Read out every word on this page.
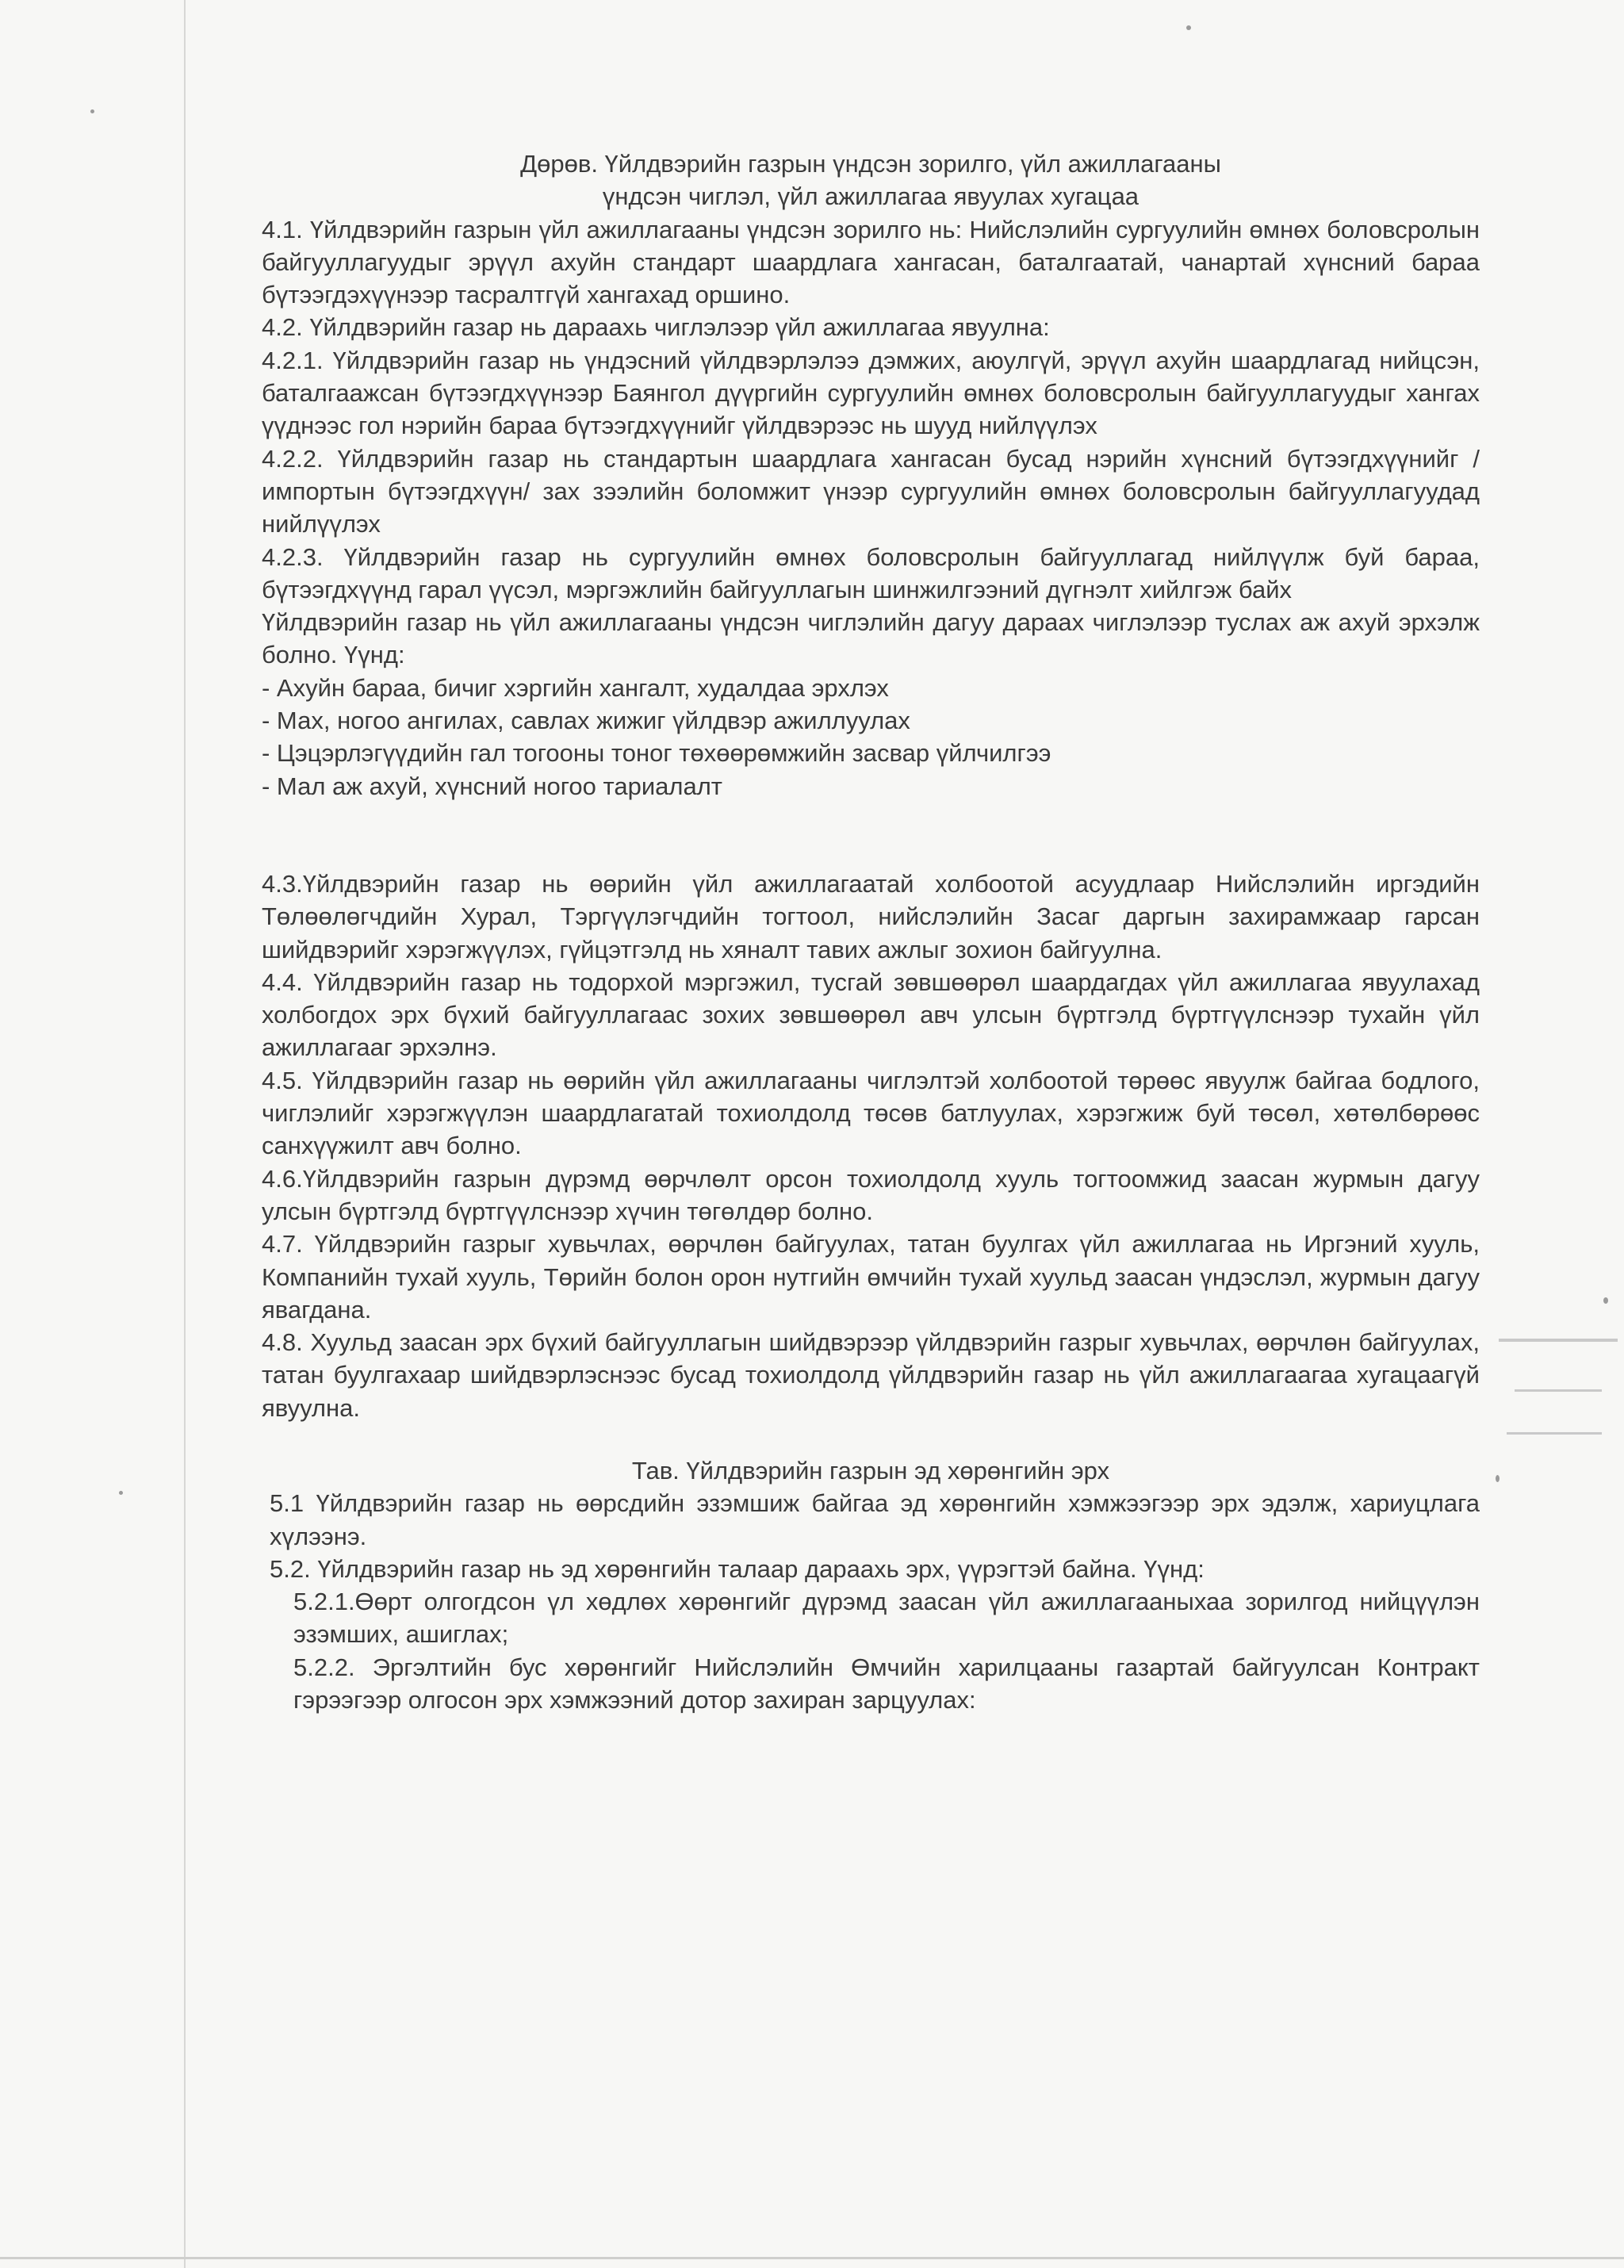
Дөрөв. Үйлдвэрийн газрын үндсэн зорилго, үйл ажиллагааны

үндсэн чиглэл, үйл ажиллагаа явуулах хугацаа

4.1. Үйлдвэрийн газрын үйл ажиллагааны үндсэн зорилго нь: Нийслэлийн сургуулийн өмнөх боловсролын байгууллагуудыг эрүүл ахуйн стандарт шаардлага хангасан, баталгаатай, чанартай хүнсний бараа бүтээгдэхүүнээр тасралтгүй хангахад оршино.

4.2. Үйлдвэрийн газар нь дараахь чиглэлээр үйл ажиллагаа явуулна:

4.2.1. Үйлдвэрийн газар нь үндэсний үйлдвэрлэлээ дэмжих, аюулгүй, эрүүл ахуйн шаардлагад нийцсэн, баталгаажсан бүтээгдхүүнээр Баянгол дүүргийн сургуулийн өмнөх боловсролын байгууллагуудыг хангах үүднээс гол нэрийн бараа бүтээгдхүүнийг үйлдвэрээс нь шууд нийлүүлэх

4.2.2. Үйлдвэрийн газар нь стандартын шаардлага хангасан бусад нэрийн хүнсний бүтээгдхүүнийг /импортын бүтээгдхүүн/ зах зээлийн боломжит үнээр сургуулийн өмнөх боловсролын байгууллагуудад нийлүүлэх

4.2.3. Үйлдвэрийн газар нь сургуулийн өмнөх боловсролын байгууллагад нийлүүлж буй бараа, бүтээгдхүүнд гарал үүсэл, мэргэжлийн байгууллагын шинжилгээний дүгнэлт хийлгэж байх

Үйлдвэрийн газар нь үйл ажиллагааны үндсэн чиглэлийн дагуу дараах чиглэлээр туслах аж ахуй эрхэлж болно. Үүнд:

- Ахуйн бараа, бичиг хэргийн хангалт, худалдаа эрхлэх

- Мах, ногоо ангилах, савлах жижиг үйлдвэр ажиллуулах

- Цэцэрлэгүүдийн гал тогооны тоног төхөөрөмжийн засвар үйлчилгээ

- Мал аж ахуй, хүнсний ногоо тариалалт

4.3.Үйлдвэрийн газар нь өөрийн үйл ажиллагаатай холбоотой асуудлаар Нийслэлийн иргэдийн Төлөөлөгчдийн Хурал, Тэргүүлэгчдийн тогтоол, нийслэлийн Засаг даргын захирамжаар гарсан шийдвэрийг хэрэгжүүлэх, гүйцэтгэлд нь хяналт тавих ажлыг зохион байгуулна.

4.4. Үйлдвэрийн газар нь тодорхой мэргэжил, тусгай зөвшөөрөл шаардагдах үйл ажиллагаа явуулахад холбогдох эрх бүхий байгууллагаас зохих зөвшөөрөл авч улсын бүртгэлд бүртгүүлснээр тухайн үйл ажиллагааг эрхэлнэ.

4.5. Үйлдвэрийн газар нь өөрийн үйл ажиллагааны чиглэлтэй холбоотой төрөөс явуулж байгаа бодлого, чиглэлийг хэрэгжүүлэн шаардлагатай тохиолдолд төсөв батлуулах, хэрэгжиж буй төсөл, хөтөлбөрөөс санхүүжилт авч болно.

4.6.Үйлдвэрийн газрын дүрэмд өөрчлөлт орсон тохиолдолд хууль тогтоомжид заасан журмын дагуу улсын бүртгэлд бүртгүүлснээр хүчин төгөлдөр болно.

4.7. Үйлдвэрийн газрыг хувьчлах, өөрчлөн байгуулах, татан буулгах үйл ажиллагаа нь Иргэний хууль, Компанийн тухай хууль, Төрийн болон орон нутгийн өмчийн тухай хуульд заасан үндэслэл, журмын дагуу явагдана.

4.8. Хуульд заасан эрх бүхий байгууллагын шийдвэрээр үйлдвэрийн газрыг хувьчлах, өөрчлөн байгуулах, татан буулгахаар шийдвэрлэснээс бусад тохиолдолд үйлдвэрийн газар нь үйл ажиллагаагаа хугацаагүй явуулна.

Тав. Үйлдвэрийн газрын эд хөрөнгийн эрх

5.1 Үйлдвэрийн газар нь өөрсдийн эзэмшиж байгаа эд хөрөнгийн хэмжээгээр эрх эдэлж, хариуцлага хүлээнэ.

5.2. Үйлдвэрийн газар нь эд хөрөнгийн талаар дараахь эрх, үүрэгтэй байна. Үүнд:

5.2.1.Өөрт олгогдсон үл хөдлөх хөрөнгийг дүрэмд заасан үйл ажиллагааныхаа зорилгод нийцүүлэн эзэмших, ашиглах;

5.2.2. Эргэлтийн бус хөрөнгийг Нийслэлийн Өмчийн харилцааны газартай байгуулсан Контракт гэрээгээр олгосон эрх хэмжээний дотор захиран зарцуулах:
